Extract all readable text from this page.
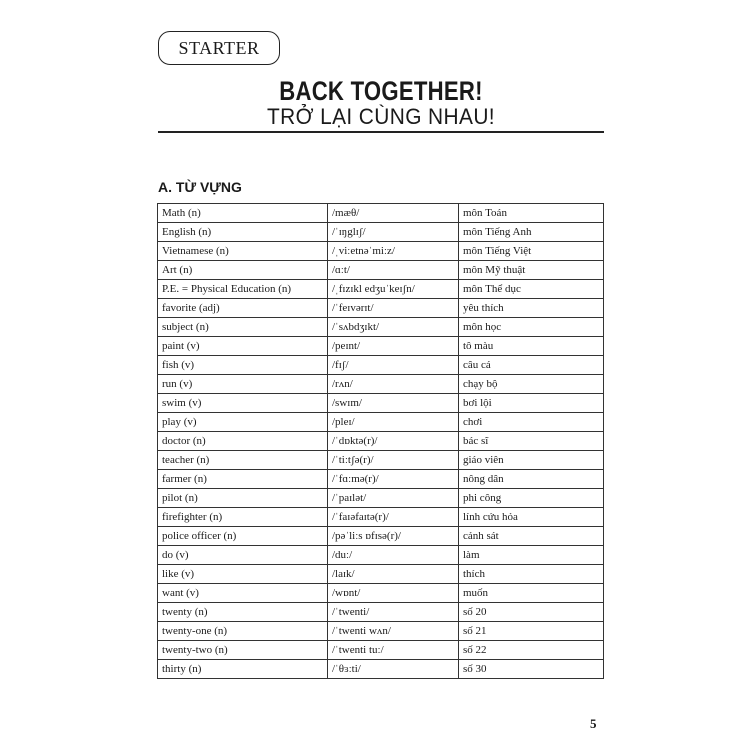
STARTER
BACK TOGETHER!
TRỞ LẠI CÙNG NHAU!
A. TỪ VỰNG
Math (n)	/mæθ/	môn Toán
English (n)	/ˈɪŋglɪʃ/	môn Tiếng Anh
Vietnamese (n)	/ˌviːetnəˈmiːz/	môn Tiếng Việt
Art (n)	/ɑːt/	môn Mỹ thuật
P.E. = Physical Education (n)	/ˌfɪzɪkl edʒuˈkeɪʃn/	môn Thể dục
favorite (adj)	/ˈfeɪvərɪt/	yêu thích
subject (n)	/ˈsʌbdʒɪkt/	môn học
paint (v)	/peɪnt/	tô màu
fish (v)	/fɪʃ/	câu cá
run (v)	/rʌn/	chạy bộ
swim (v)	/swɪm/	bơi lội
play (v)	/pleɪ/	chơi
doctor (n)	/ˈdɒktə(r)/	bác sĩ
teacher (n)	/ˈtiːtʃə(r)/	giáo viên
farmer (n)	/ˈfɑːmə(r)/	nông dân
pilot (n)	/ˈpaɪlət/	phi công
firefighter (n)	/ˈfaɪəfaɪtə(r)/	lính cứu hỏa
police officer (n)	/pəˈliːs ɒfɪsə(r)/	cảnh sát
do (v)	/duː/	làm
like (v)	/laɪk/	thích
want (v)	/wɒnt/	muốn
twenty (n)	/ˈtwenti/	số 20
twenty-one (n)	/ˈtwenti wʌn/	số 21
twenty-two (n)	/ˈtwenti tuː/	số 22
thirty (n)	/ˈθɜːti/	số 30
5
